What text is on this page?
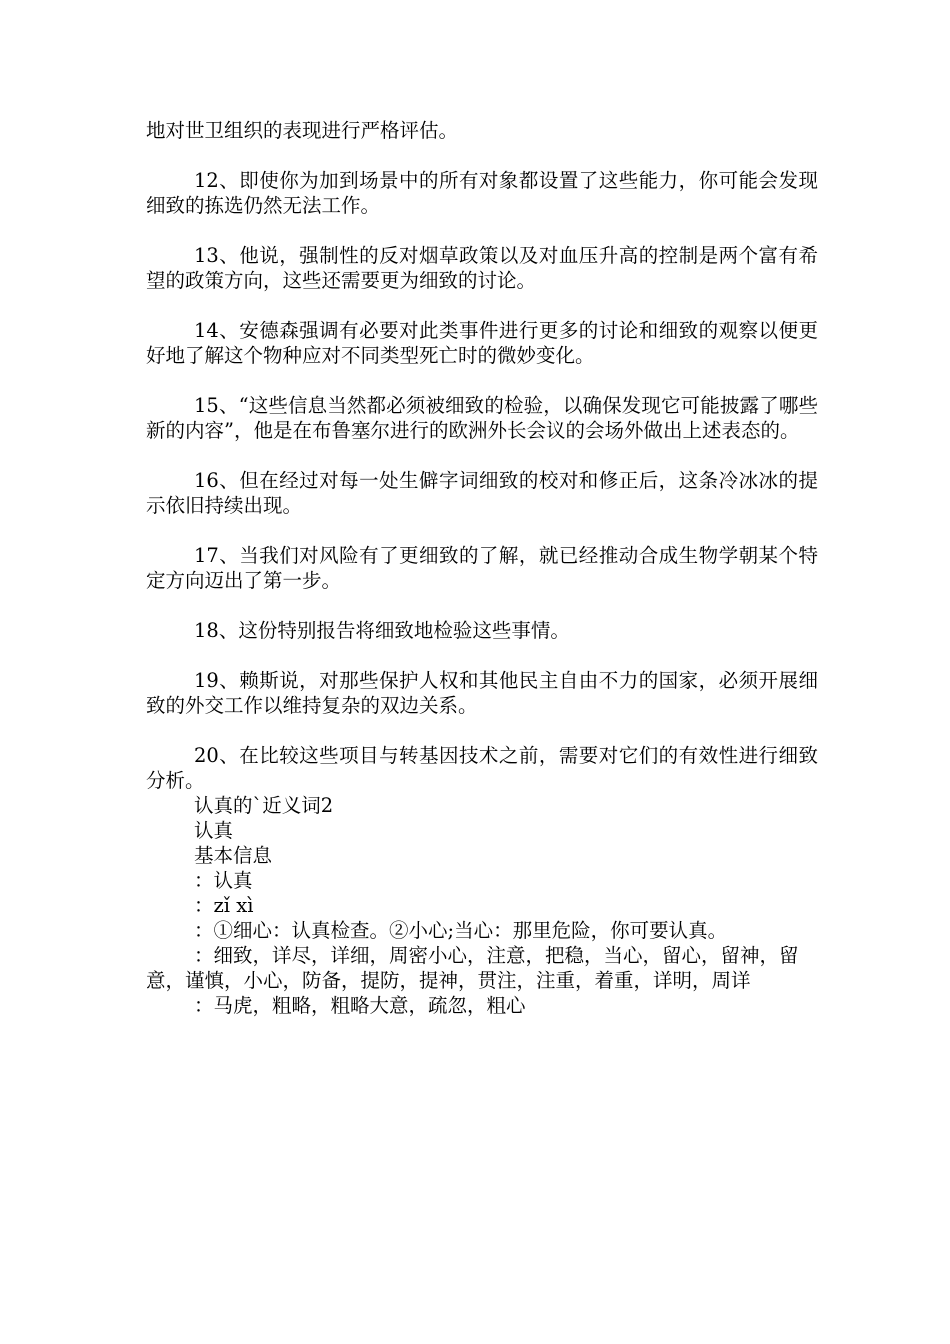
地对世卫组织的表现进行严格评估。

12、即使你为加到场景中的所有对象都设置了这些能力，你可能会发现细致的拣选仍然无法工作。

13、他说，强制性的反对烟草政策以及对血压升高的控制是两个富有希望的政策方向，这些还需要更为细致的讨论。

14、安德森强调有必要对此类事件进行更多的讨论和细致的观察以便更好地了解这个物种应对不同类型死亡时的微妙变化。

15、“这些信息当然都必须被细致的检验，以确保发现它可能披露了哪些新的内容”，他是在布鲁塞尔进行的欧洲外长会议的会场外做出上述表态的。

16、但在经过对每一处生僻字词细致的校对和修正后，这条冷冰冰的提示依旧持续出现。

17、当我们对风险有了更细致的了解，就已经推动合成生物学朝某个特定方向迈出了第一步。

18、这份特别报告将细致地检验这些事情。

19、赖斯说，对那些保护人权和其他民主自由不力的国家，必须开展细致的外交工作以维持复杂的双边关系。

20、在比较这些项目与转基因技术之前，需要对它们的有效性进行细致分析。

认真的`近义词2

认真

基本信息

：认真

：zǐ xì

：①细心：认真检查。②小心;当心：那里危险，你可要认真。

：细致，详尽，详细，周密小心，注意，把稳，当心，留心，留神，留意，谨慎，小心，防备，提防，提神，贯注，注重，着重，详明，周详

：马虎，粗略，粗略大意，疏忽，粗心
